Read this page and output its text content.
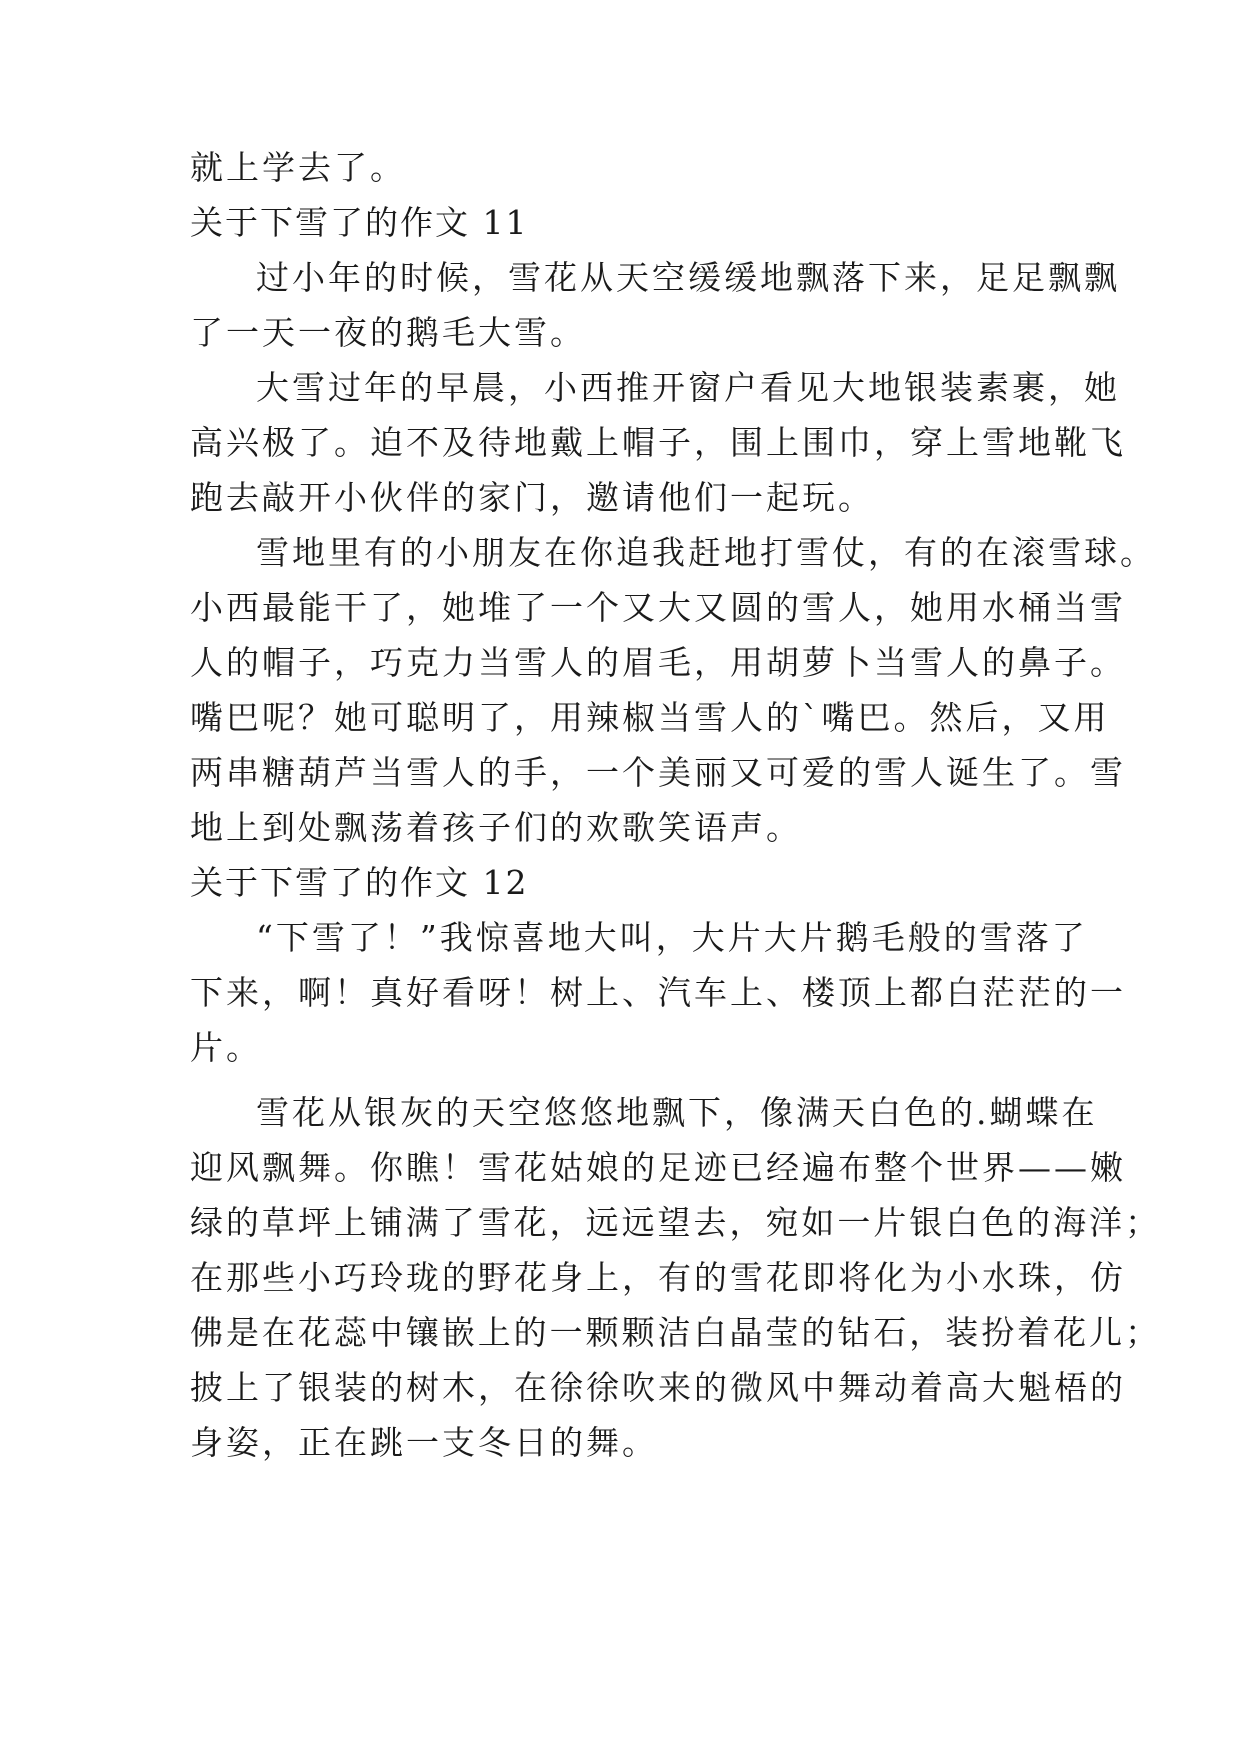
就上学去了。

关于下雪了的作文 11

过小年的时候，雪花从天空缓缓地飘落下来，足足飘飘

了一天一夜的鹅毛大雪。

大雪过年的早晨，小西推开窗户看见大地银装素裹，她

高兴极了。迫不及待地戴上帽子，围上围巾，穿上雪地靴飞

跑去敲开小伙伴的家门，邀请他们一起玩。

雪地里有的小朋友在你追我赶地打雪仗，有的在滚雪球。

小西最能干了，她堆了一个又大又圆的雪人，她用水桶当雪

人的帽子，巧克力当雪人的眉毛，用胡萝卜当雪人的鼻子。

嘴巴呢？她可聪明了，用辣椒当雪人的`嘴巴。然后，又用

两串糖葫芦当雪人的手，一个美丽又可爱的雪人诞生了。雪

地上到处飘荡着孩子们的欢歌笑语声。

关于下雪了的作文 12

“下雪了！”我惊喜地大叫，大片大片鹅毛般的雪落了

下来，啊！真好看呀！树上、汽车上、楼顶上都白茫茫的一

片。

雪花从银灰的天空悠悠地飘下，像满天白色的.蝴蝶在

迎风飘舞。你瞧！雪花姑娘的足迹已经遍布整个世界——嫩

绿的草坪上铺满了雪花，远远望去，宛如一片银白色的海洋；

在那些小巧玲珑的野花身上，有的雪花即将化为小水珠，仿

佛是在花蕊中镶嵌上的一颗颗洁白晶莹的钻石，装扮着花儿；

披上了银装的树木，在徐徐吹来的微风中舞动着高大魁梧的

身姿，正在跳一支冬日的舞。
